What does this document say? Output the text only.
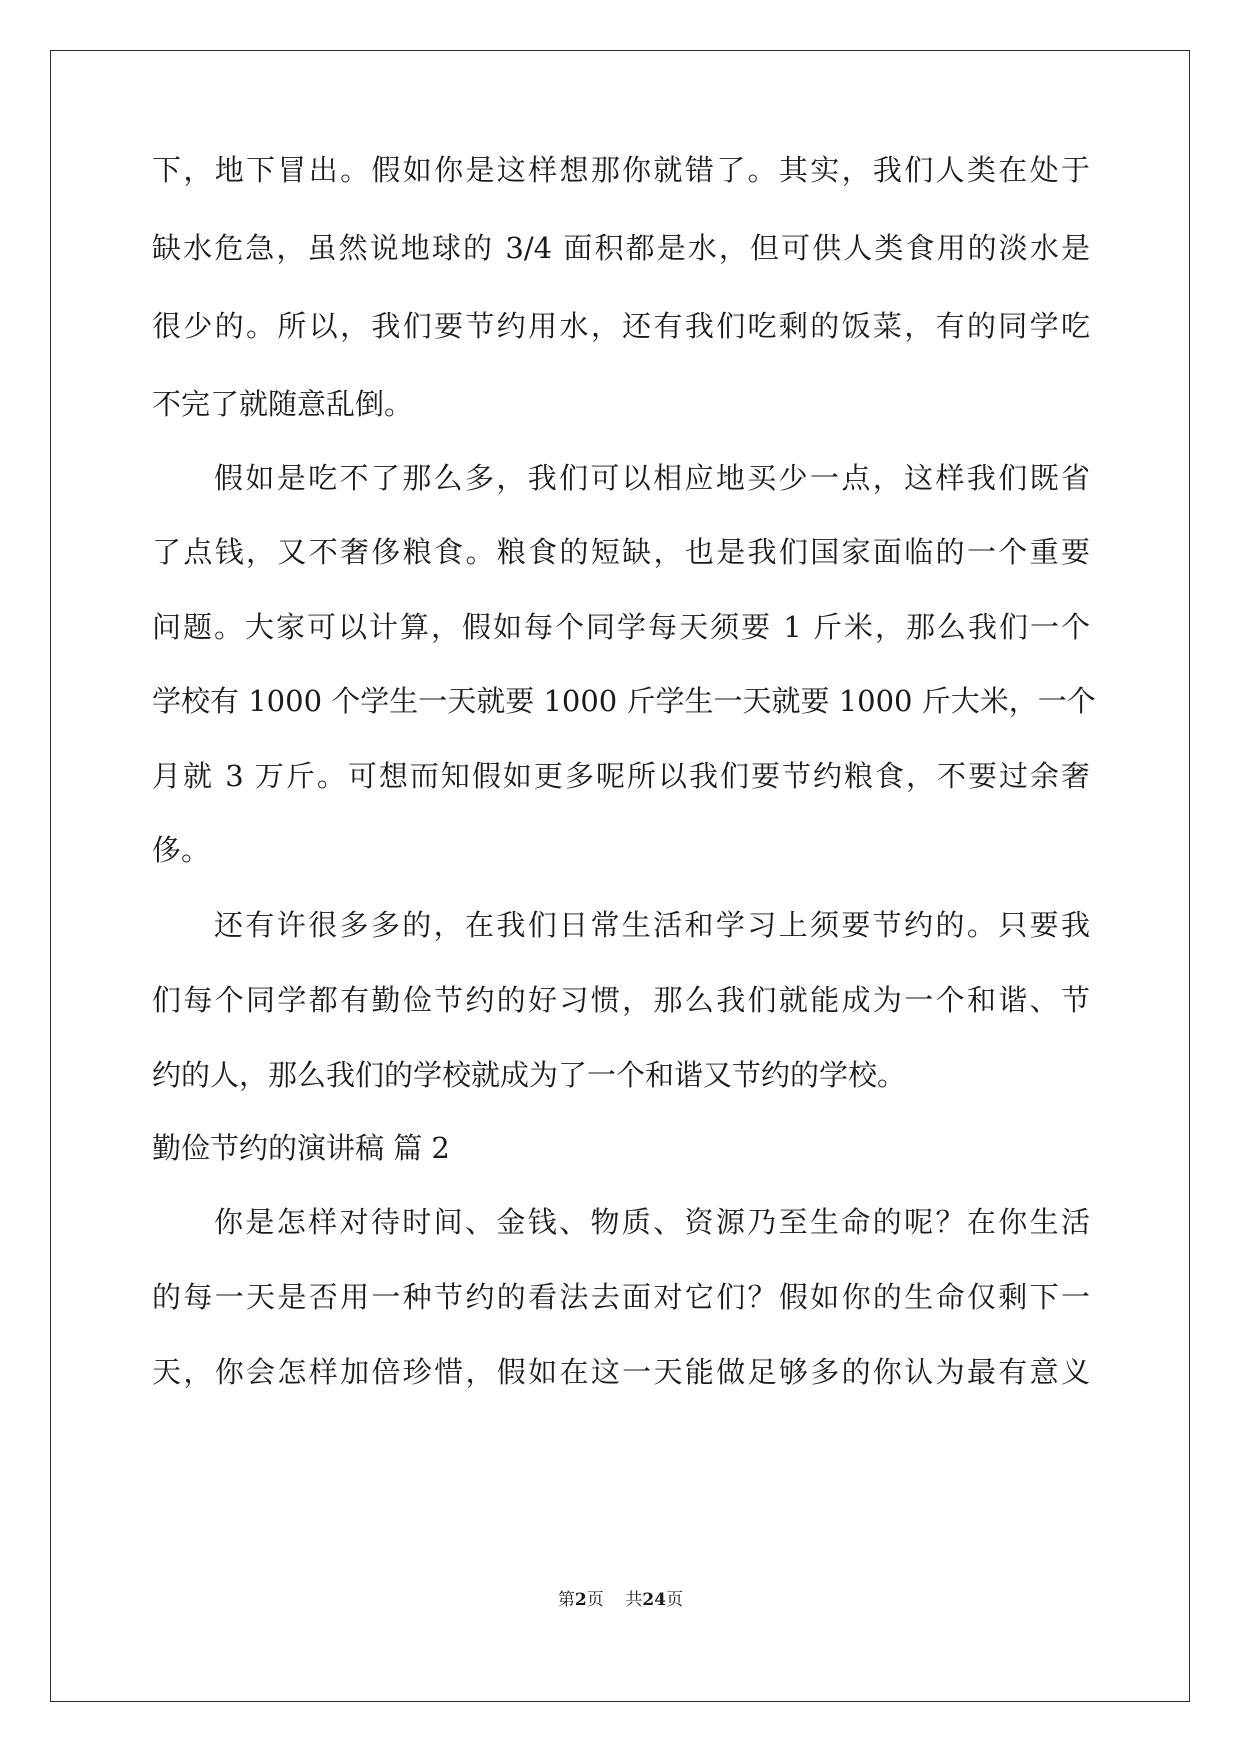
下，地下冒出。假如你是这样想那你就错了。其实，我们人类在处于
缺水危急，虽然说地球的 3/4 面积都是水，但可供人类食用的淡水是
很少的。所以，我们要节约用水，还有我们吃剩的饭菜，有的同学吃
不完了就随意乱倒。
假如是吃不了那么多，我们可以相应地买少一点，这样我们既省
了点钱，又不奢侈粮食。粮食的短缺，也是我们国家面临的一个重要
问题。大家可以计算，假如每个同学每天须要 1 斤米，那么我们一个
学校有 1000 个学生一天就要 1000 斤学生一天就要 1000 斤大米，一个
月就 3 万斤。可想而知假如更多呢所以我们要节约粮食，不要过余奢
侈。
还有许很多多的，在我们日常生活和学习上须要节约的。只要我
们每个同学都有勤俭节约的好习惯，那么我们就能成为一个和谐、节
约的人，那么我们的学校就成为了一个和谐又节约的学校。
勤俭节约的演讲稿 篇 2
你是怎样对待时间、金钱、物质、资源乃至生命的呢？在你生活
的每一天是否用一种节约的看法去面对它们？假如你的生命仅剩下一
天，你会怎样加倍珍惜，假如在这一天能做足够多的你认为最有意义
第2页 共24页
